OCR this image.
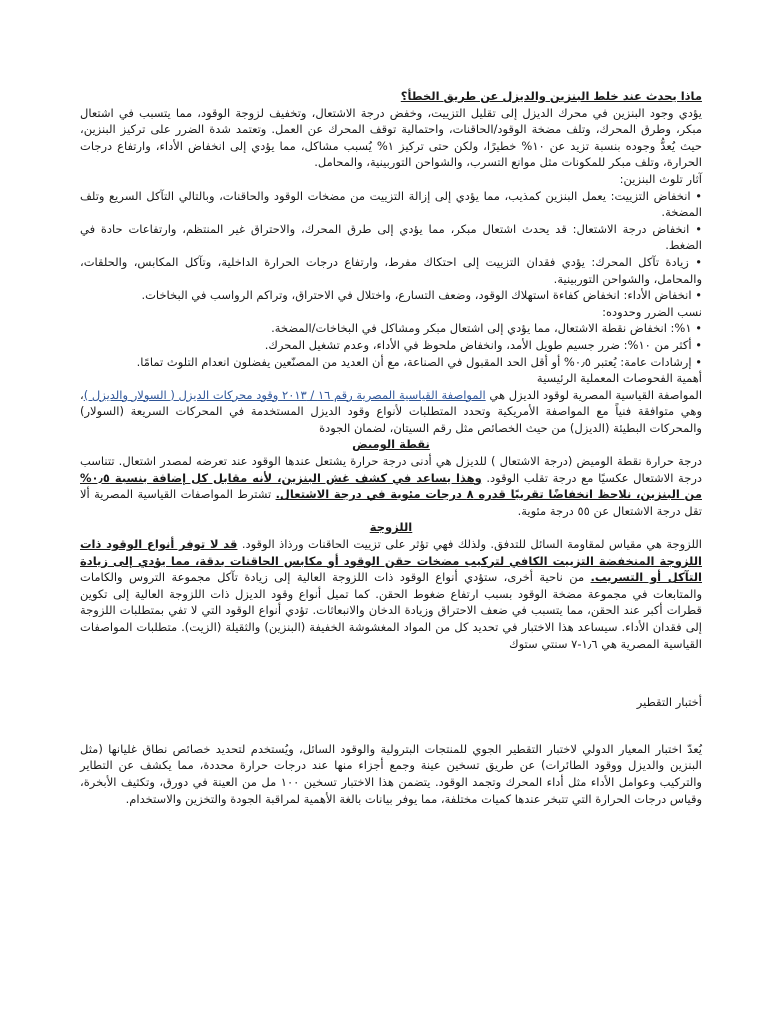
ماذا يحدث عند خلط البنزين والديزل عن طريق الخطأ؟

يؤدي وجود البنزين في محرك الديزل إلى تقليل التزييت، وخفض درجة الاشتعال، وتخفيف لزوجة الوقود، مما يتسبب في اشتعال مبكر، وطرق المحرك، وتلف مضخة الوقود/الحاقنات، واحتمالية توقف المحرك عن العمل. وتعتمد شدة الضرر على تركيز البنزين، حيث يُعدُّ وجوده بنسبة تزيد عن ١٠% خطيرًا، ولكن حتى تركيز ١% يُسبب مشاكل، مما يؤدي إلى انخفاض الأداء، وارتفاع درجات الحرارة، وتلف مبكر للمكونات مثل موانع التسرب، والشواحن التوربينية، والمحامل.

آثار تلوث البنزين:

• انخفاض التزييت: يعمل البنزين كمذيب، مما يؤدي إلى إزالة التزييت من مضخات الوقود والحاقنات، وبالتالي التآكل السريع وتلف المضخة.

• انخفاض درجة الاشتعال: قد يحدث اشتعال مبكر، مما يؤدي إلى طرق المحرك، والاحتراق غير المنتظم، وارتفاعات حادة في الضغط.

• زيادة تآكل المحرك: يؤدي فقدان التزييت إلى احتكاك مفرط، وارتفاع درجات الحرارة الداخلية، وتآكل المكابس، والحلقات، والمحامل، والشواحن التوربينية.

• انخفاض الأداء: انخفاض كفاءة استهلاك الوقود، وضعف التسارع، واختلال في الاحتراق، وتراكم الرواسب في البخاخات.

نسب الضرر وحدوده:

• ١%: انخفاض نقطة الاشتعال، مما يؤدي إلى اشتعال مبكر ومشاكل في البخاخات/المضخة.

• أكثر من ١٠%: ضرر جسيم طويل الأمد، وانخفاض ملحوظ في الأداء، وعدم تشغيل المحرك.

• إرشادات عامة: يُعتبر ٠٫٥% أو أقل الحد المقبول في الصناعة، مع أن العديد من المصنّعين يفضلون انعدام التلوث تمامًا.

أهمية الفحوصات المعملية الرئيسية

المواصفة القياسية المصرية لوقود الديزل هي المواصفة القياسية المصرية رقم ١٦ / ٢٠١٣ وقود محركات الديزل ( السولار والديزل )، وهي متوافقة فنياً مع المواصفة الأمريكية وتحدد المتطلبات لأنواع وقود الديزل المستخدمة في المحركات السريعة (السولار) والمحركات البطيئة (الديزل) من حيث الخصائص مثل رقم السيتان، لضمان الجودة

نقطة الوميض

درجة حرارة نقطة الوميض (درجة الاشتعال ) للديزل هي أدنى درجة حرارة يشتعل عندها الوقود عند تعرضه لمصدر اشتعال. تتناسب درجة الاشتعال عكسيًا مع درجة تقلب الوقود. وهذا يساعد في كشف غش البنزين، لأنه مقابل كل إضافة بنسبة ٠٫٥% من البنزين، نلاحظ انخفاضًا تقريبًا قدره ٨ درجات مئوية في درجة الاشتعال. تشترط المواصفات القياسية المصرية ألا تقل درجة الاشتعال عن ٥٥ درجة مئوية.

اللزوجة

اللزوجة هي مقياس لمقاومة السائل للتدفق. ولذلك فهي تؤثر على تزييت الحاقنات ورذاذ الوقود. قد لا توفر أنواع الوقود ذات اللزوجة المنخفضة التزييت الكافي لتركيب مضخات حقن الوقود أو مكابس الحاقنات بدقة، مما يؤدي إلى زيادة التآكل أو التسريب. من ناحية أخرى، ستؤدي أنواع الوقود ذات اللزوجة العالية إلى زيادة تآكل مجموعة التروس والكامات والمتابعات في مجموعة مضخة الوقود بسبب ارتفاع ضغوط الحقن. كما تميل أنواع وقود الديزل ذات اللزوجة العالية إلى تكوين قطرات أكبر عند الحقن، مما يتسبب في ضعف الاحتراق وزيادة الدخان والانبعاثات. تؤدي أنواع الوقود التي لا تفي بمتطلبات اللزوجة إلى فقدان الأداء. سيساعد هذا الاختبار في تحديد كل من المواد المغشوشة الخفيفة (البنزين) والثقيلة (الزيت). متطلبات المواصفات القياسية المصرية هي ١٫٦-٧ سنتي ستوك

أختبار التقطير

يُعدّ اختبار المعيار الدولي لاختبار التقطير الجوي للمنتجات البترولية والوقود السائل، ويُستخدم لتحديد خصائص نطاق غليانها (مثل البنزين والديزل ووقود الطائرات) عن طريق تسخين عينة وجمع أجزاء منها عند درجات حرارة محددة، مما يكشف عن التطاير والتركيب وعوامل الأداء مثل أداء المحرك وتجمد الوقود. يتضمن هذا الاختبار تسخين ١٠٠ مل من العينة في دورق، وتكثيف الأبخرة، وقياس درجات الحرارة التي تتبخر عندها كميات مختلفة، مما يوفر بيانات بالغة الأهمية لمراقبة الجودة والتخزين والاستخدام.
